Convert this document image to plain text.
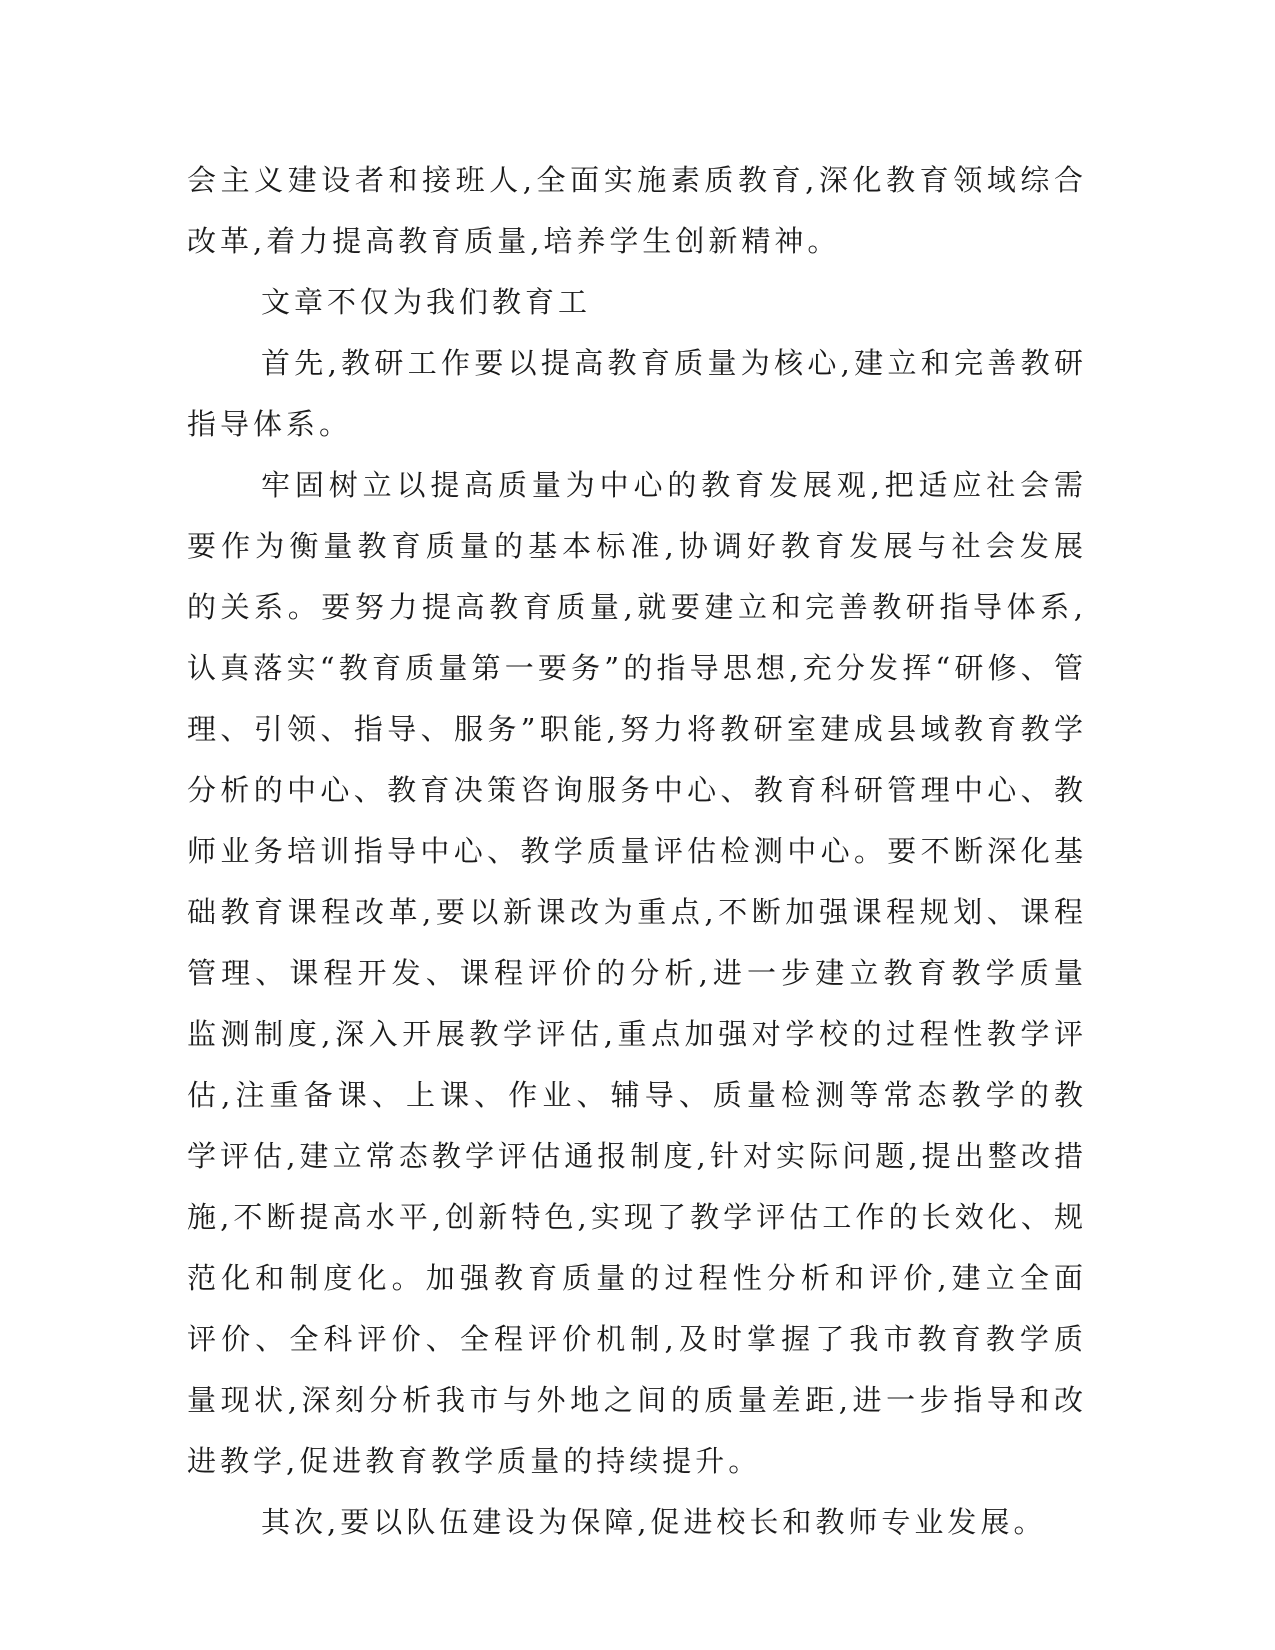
会主义建设者和接班人,全面实施素质教育,深化教育领域综合改革,着力提高教育质量,培养学生创新精神。

文章不仅为我们教育工

首先,教研工作要以提高教育质量为核心,建立和完善教研指导体系。

牢固树立以提高质量为中心的教育发展观,把适应社会需要作为衡量教育质量的基本标准,协调好教育发展与社会发展的关系。要努力提高教育质量,就要建立和完善教研指导体系,认真落实“教育质量第一要务”的指导思想,充分发挥“研修、管理、引领、指导、服务”职能,努力将教研室建成县域教育教学分析的中心、教育决策咨询服务中心、教育科研管理中心、教师业务培训指导中心、教学质量评估检测中心。要不断深化基础教育课程改革,要以新课改为重点,不断加强课程规划、课程管理、课程开发、课程评价的分析,进一步建立教育教学质量监测制度,深入开展教学评估,重点加强对学校的过程性教学评估,注重备课、上课、作业、辅导、质量检测等常态教学的教学评估,建立常态教学评估通报制度,针对实际问题,提出整改措施,不断提高水平,创新特色,实现了教学评估工作的长效化、规范化和制度化。加强教育质量的过程性分析和评价,建立全面评价、全科评价、全程评价机制,及时掌握了我市教育教学质量现状,深刻分析我市与外地之间的质量差距,进一步指导和改进教学,促进教育教学质量的持续提升。

其次,要以队伍建设为保障,促进校长和教师专业发展。
